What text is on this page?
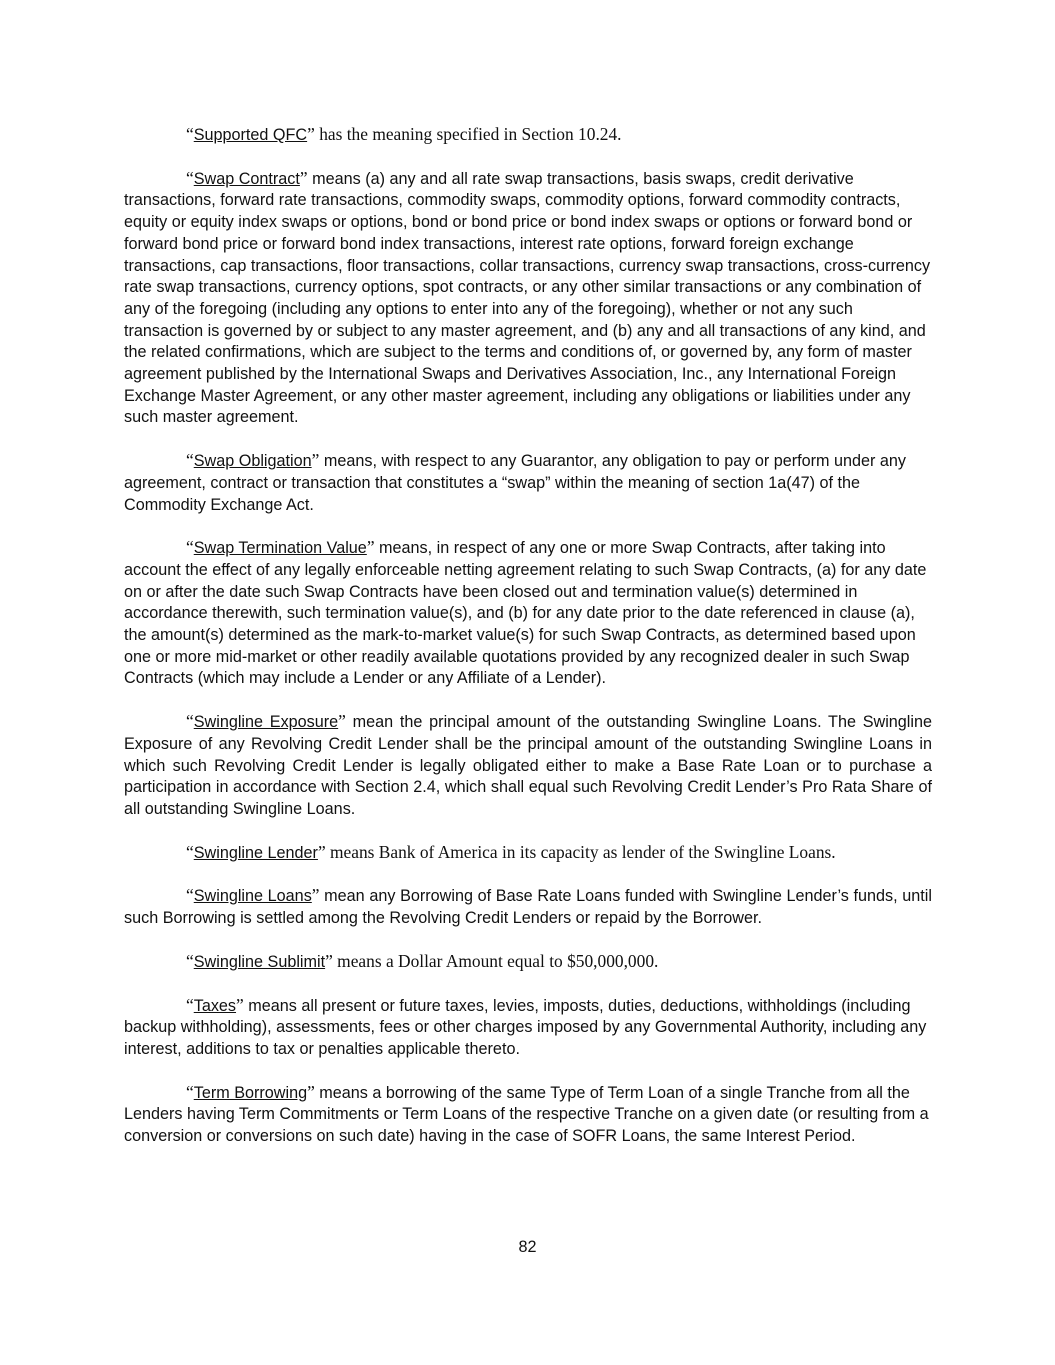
“Supported QFC” has the meaning specified in Section 10.24.

“Swap Contract” means (a) any and all rate swap transactions, basis swaps, credit derivative transactions, forward rate transactions, commodity swaps, commodity options, forward commodity contracts, equity or equity index swaps or options, bond or bond price or bond index swaps or options or forward bond or forward bond price or forward bond index transactions, interest rate options, forward foreign exchange transactions, cap transactions, floor transactions, collar transactions, currency swap transactions, cross-currency rate swap transactions, currency options, spot contracts, or any other similar transactions or any combination of any of the foregoing (including any options to enter into any of the foregoing), whether or not any such transaction is governed by or subject to any master agreement, and (b) any and all transactions of any kind, and the related confirmations, which are subject to the terms and conditions of, or governed by, any form of master agreement published by the International Swaps and Derivatives Association, Inc., any International Foreign Exchange Master Agreement, or any other master agreement, including any obligations or liabilities under any such master agreement.

“Swap Obligation” means, with respect to any Guarantor, any obligation to pay or perform under any agreement, contract or transaction that constitutes a “swap” within the meaning of section 1a(47) of the Commodity Exchange Act.

“Swap Termination Value” means, in respect of any one or more Swap Contracts, after taking into account the effect of any legally enforceable netting agreement relating to such Swap Contracts, (a) for any date on or after the date such Swap Contracts have been closed out and termination value(s) determined in accordance therewith, such termination value(s), and (b) for any date prior to the date referenced in clause (a), the amount(s) determined as the mark-to-market value(s) for such Swap Contracts, as determined based upon one or more mid-market or other readily available quotations provided by any recognized dealer in such Swap Contracts (which may include a Lender or any Affiliate of a Lender).

“Swingline Exposure” mean the principal amount of the outstanding Swingline Loans. The Swingline Exposure of any Revolving Credit Lender shall be the principal amount of the outstanding Swingline Loans in which such Revolving Credit Lender is legally obligated either to make a Base Rate Loan or to purchase a participation in accordance with Section 2.4, which shall equal such Revolving Credit Lender’s Pro Rata Share of all outstanding Swingline Loans.

“Swingline Lender” means Bank of America in its capacity as lender of the Swingline Loans.

“Swingline Loans” mean any Borrowing of Base Rate Loans funded with Swingline Lender’s funds, until such Borrowing is settled among the Revolving Credit Lenders or repaid by the Borrower.

“Swingline Sublimit” means a Dollar Amount equal to $50,000,000.

“Taxes” means all present or future taxes, levies, imposts, duties, deductions, withholdings (including backup withholding), assessments, fees or other charges imposed by any Governmental Authority, including any interest, additions to tax or penalties applicable thereto.

“Term Borrowing” means a borrowing of the same Type of Term Loan of a single Tranche from all the Lenders having Term Commitments or Term Loans of the respective Tranche on a given date (or resulting from a conversion or conversions on such date) having in the case of SOFR Loans, the same Interest Period.

82
